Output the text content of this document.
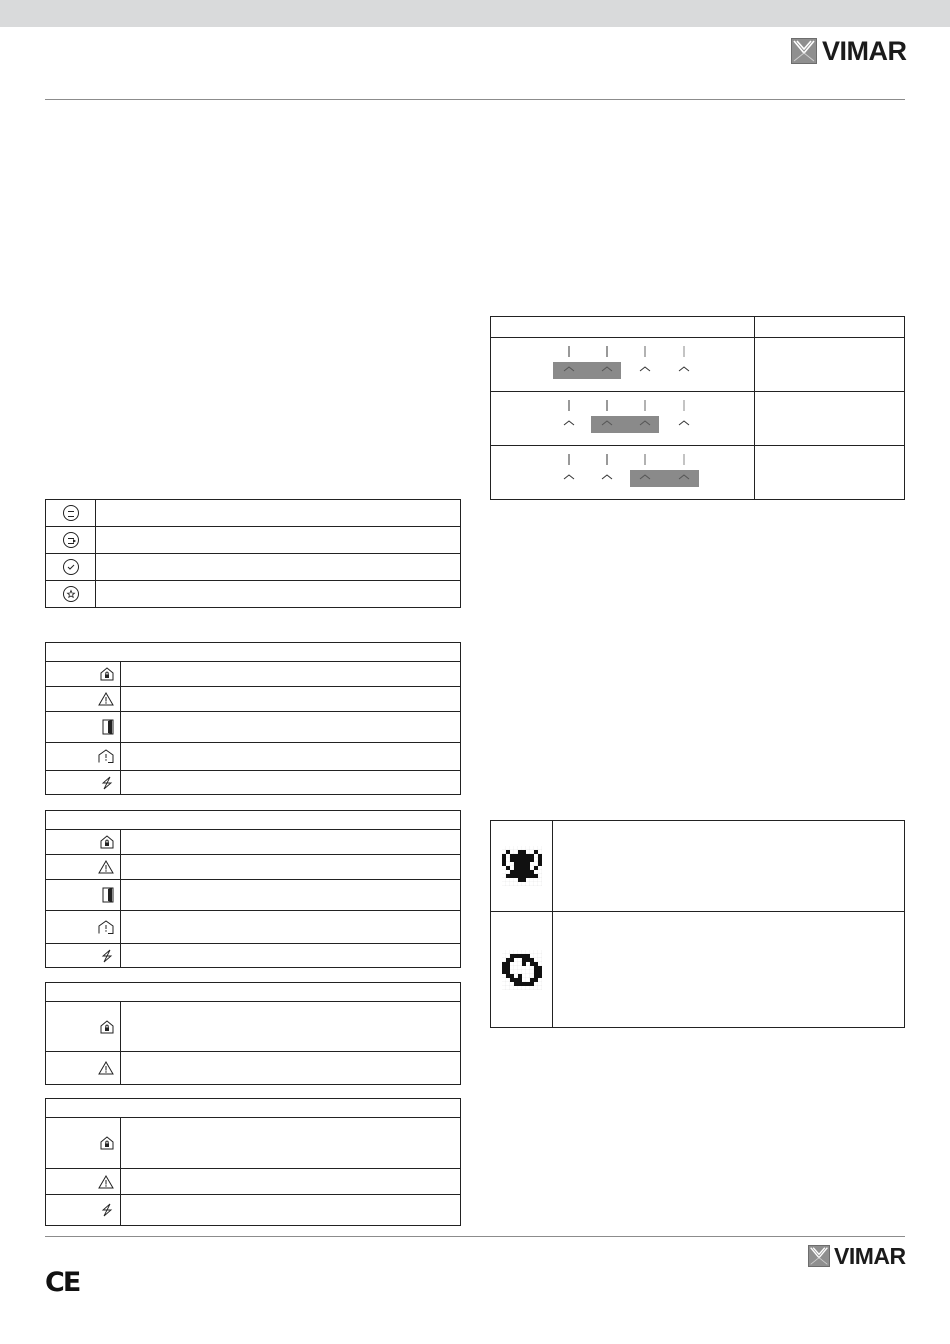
VIMAR

CE
VIMAR
